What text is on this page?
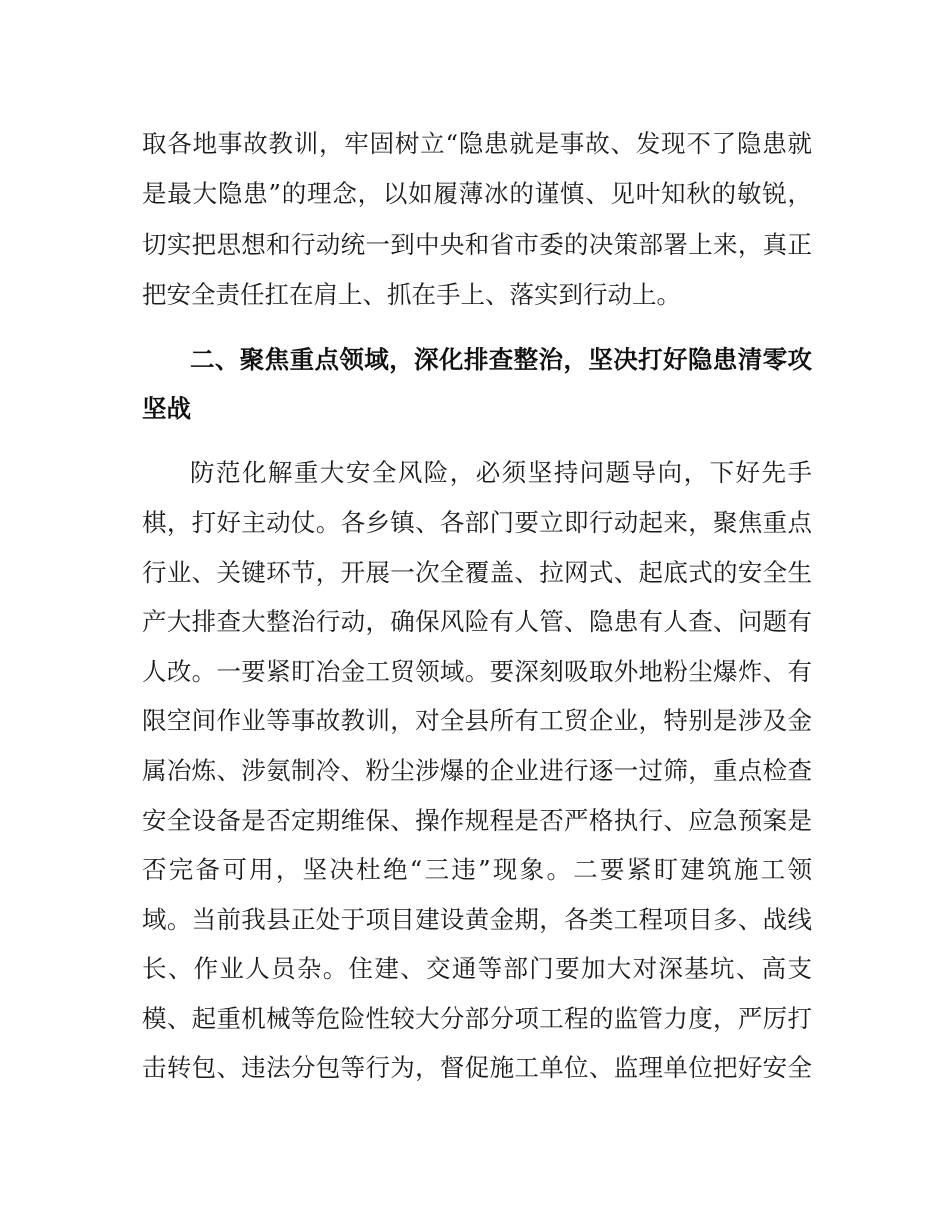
取各地事故教训，牢固树立“隐患就是事故、发现不了隐患就

是最大隐患”的理念，以如履薄冰的谨慎、见叶知秋的敏锐，

切实把思想和行动统一到中央和省市委的决策部署上来，真正

把安全责任扛在肩上、抓在手上、落实到行动上。

二、聚焦重点领域，深化排查整治，坚决打好隐患清零攻

坚战

防范化解重大安全风险，必须坚持问题导向，下好先手

棋，打好主动仗。各乡镇、各部门要立即行动起来，聚焦重点

行业、关键环节，开展一次全覆盖、拉网式、起底式的安全生

产大排查大整治行动，确保风险有人管、隐患有人查、问题有

人改。一要紧盯冶金工贸领域。要深刻吸取外地粉尘爆炸、有

限空间作业等事故教训，对全县所有工贸企业，特别是涉及金

属冶炼、涉氨制冷、粉尘涉爆的企业进行逐一过筛，重点检查

安全设备是否定期维保、操作规程是否严格执行、应急预案是

否完备可用，坚决杜绝“三违”现象。二要紧盯建筑施工领

域。当前我县正处于项目建设黄金期，各类工程项目多、战线

长、作业人员杂。住建、交通等部门要加大对深基坑、高支

模、起重机械等危险性较大分部分项工程的监管力度，严厉打

击转包、违法分包等行为，督促施工单位、监理单位把好安全
